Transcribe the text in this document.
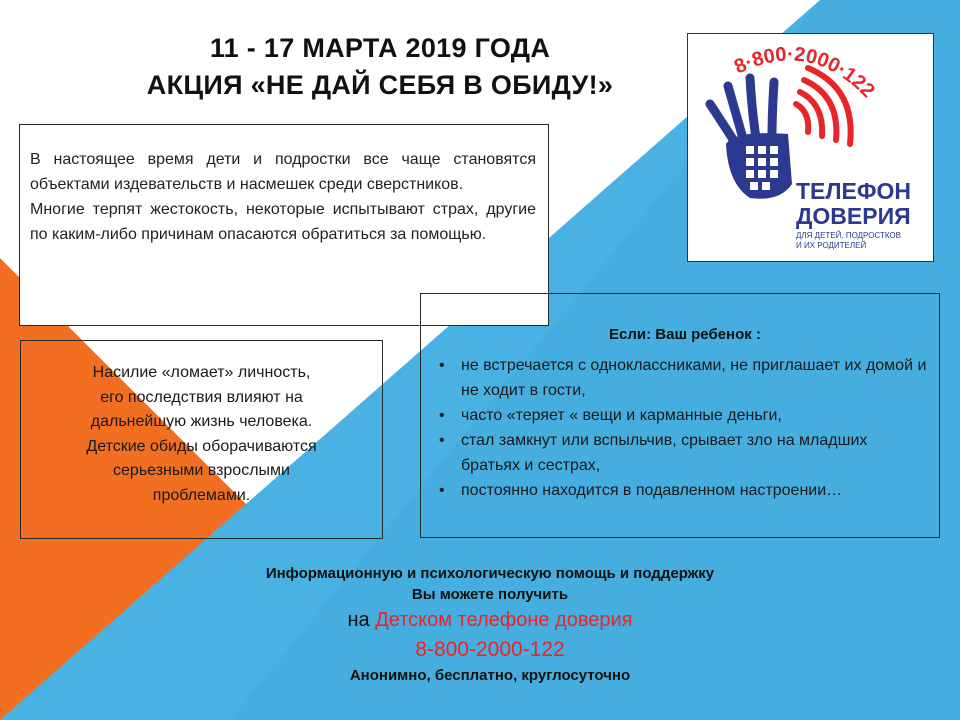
11 - 17 МАРТА 2019 ГОДА
АКЦИЯ «НЕ ДАЙ СЕБЯ В ОБИДУ!»

В настоящее время дети и подростки все чаще становятся объектами издевательств и насмешек среди сверстников.

Многие терпят жестокость, некоторые испытывают страх, другие по каким-либо причинам опасаются обратиться за помощью.

Насилие «ломает» личность,
его последствия влияют на
дальнейшую жизнь человека.
Детские обиды оборачиваются
серьезными взрослыми
проблемами.
Если: Ваш ребенок :
• не встречается с одноклассниками, не приглашает их домой и не ходит в гости,
• часто «теряет « вещи и карманные деньги,
• стал замкнут или вспыльчив, срывает зло на младших братьях и сестрах,
• постоянно находится в подавленном настроении…
8·800·2000·122
ТЕЛЕФОН
ДОВЕРИЯ
ДЛЯ ДЕТЕЙ, ПОДРОСТКОВ
И ИХ РОДИТЕЛЕЙ
Информационную и психологическую помощь и поддержку
Вы можете получить
на Детском телефоне доверия
8-800-2000-122
Анонимно, бесплатно, круглосуточно
